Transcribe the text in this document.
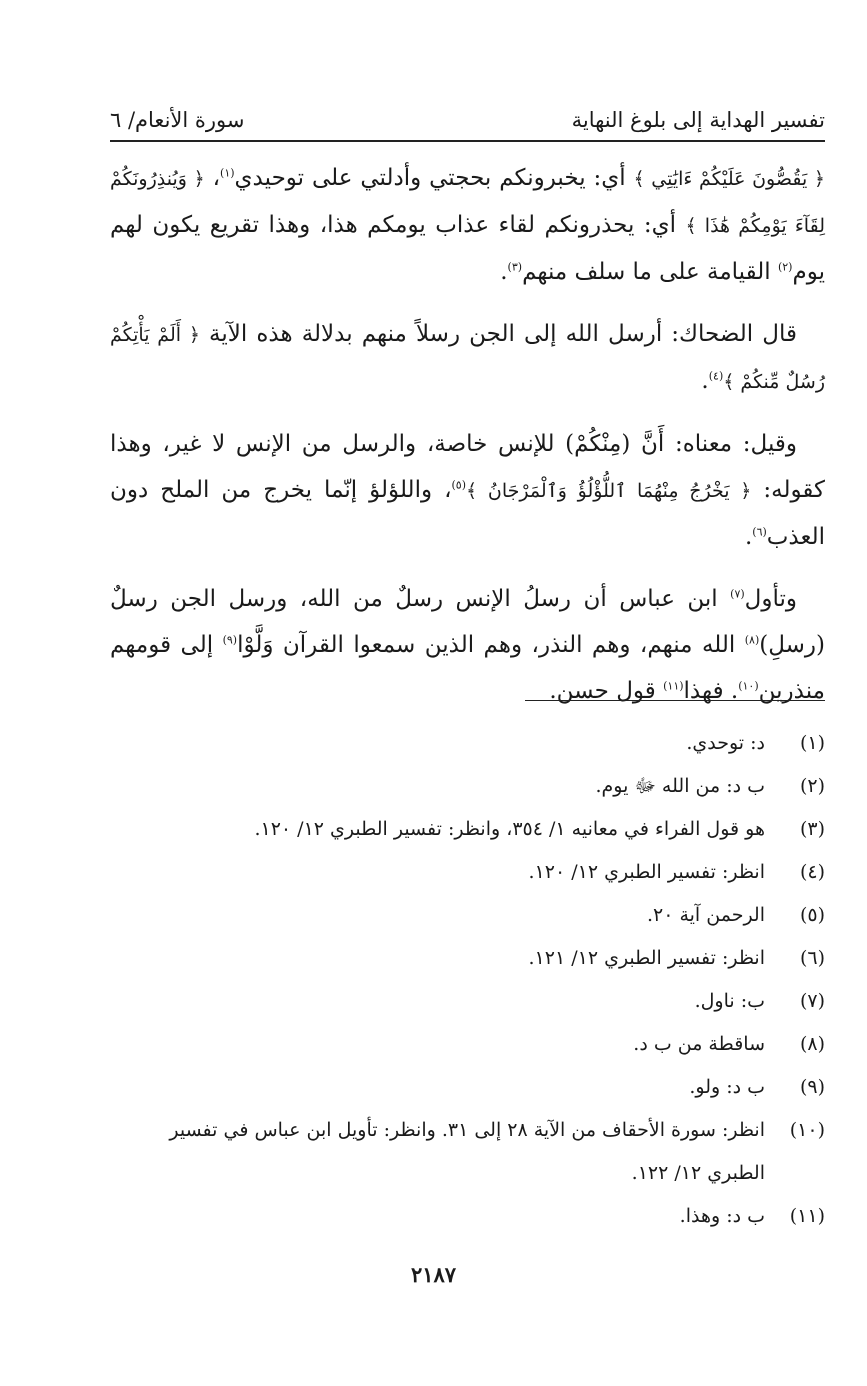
تفسير الهداية إلى بلوغ النهاية
سورة الأنعام/ ٦

﴿ يَقُصُّونَ عَلَيْكُمْ ءَايَٰتِي ﴾ أي: يخبرونكم بحجتي وأدلتي على توحيدي$^{(١)}$، ﴿ وَيُنذِرُونَكُمْ لِقَآءَ يَوْمِكُمْ هَٰذَا ﴾ أي: يحذرونكم لقاء عذاب يومكم هذا، وهذا تقريع يكون لهم يوم$^{(٢)}$ القيامة على ما سلف منهم$^{(٣)}$.

قال الضحاك: أرسل الله إلى الجن رسلاً منهم بدلالة هذه الآية ﴿ أَلَمْ يَأْتِكُمْ رُسُلٌ مِّنكُمْ ﴾$^{(٤)}$.

وقيل: معناه: أَنَّ (مِنْكُمْ) للإنس خاصة، والرسل من الإنس لا غير، وهذا كقوله: ﴿ يَخْرُجُ مِنْهُمَا ٱللُّؤْلُؤُ وَٱلْمَرْجَانُ ﴾$^{(٥)}$، واللؤلؤ إنّما يخرج من الملح دون العذب$^{(٦)}$.

وتأول$^{(٧)}$ ابن عباس أن رسلُ الإنس رسلٌ من الله، ورسل الجن رسلٌ (رسلِ)$^{(٨)}$ الله منهم، وهم النذر، وهم الذين سمعوا القرآن وَلَّوْا$^{(٩)}$ إلى قومهم منذرين$^{(١٠)}$. فهذا$^{(١١)}$ قول حسن.

(١)
د: توحدي.
(٢)
ب د: من الله ﷻ يوم.
(٣)
هو قول الفراء في معانيه ١/ ٣٥٤، وانظر: تفسير الطبري ١٢/ ١٢٠.
(٤)
انظر: تفسير الطبري ١٢/ ١٢٠.
(٥)
الرحمن آية ٢٠.
(٦)
انظر: تفسير الطبري ١٢/ ١٢١.
(٧)
ب: ناول.
(٨)
ساقطة من ب د.
(٩)
ب د: ولو.
(١٠)
انظر: سورة الأحقاف من الآية ٢٨ إلى ٣١. وانظر: تأويل ابن عباس في تفسير الطبري ١٢/ ١٢٢.
(١١)
ب د: وهذا.
٢١٨٧
